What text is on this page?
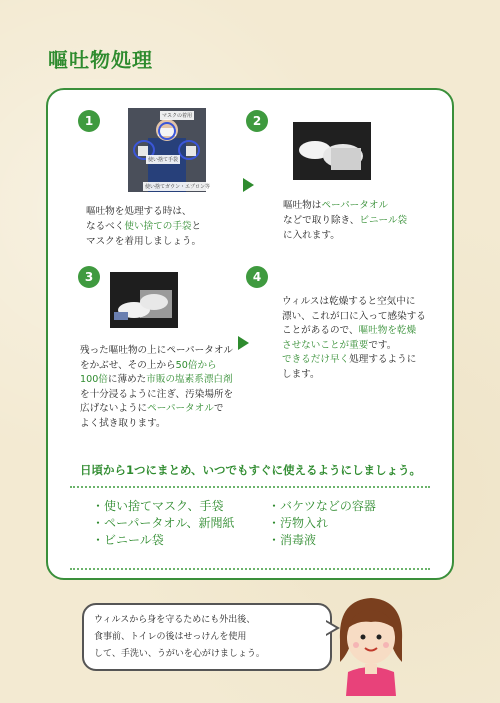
嘔吐物処理
1	マスクの着用
使い捨て手袋
使い捨てガウン・エプロン等
嘔吐物を処理する時は、
なるべく使い捨ての手袋と
マスクを着用しましょう。
2
嘔吐物はペーパータオル
などで取り除き、ビニール袋
に入れます。
3
残った嘔吐物の上にペーパータオル
をかぶせ、その上から50倍から
100倍に薄めた市販の塩素系漂白剤
を十分浸るように注ぎ、汚染場所を
広げないようにペーパータオルで
よく拭き取ります。
4
ウィルスは乾燥すると空気中に
漂い、これが口に入って感染する
ことがあるので、嘔吐物を乾燥
させないことが重要です。
できるだけ早く処理するように
します。
日頃から1つにまとめ、いつでもすぐに使えるようにしましょう。
・使い捨てマスク、手袋
・ペーパータオル、新聞紙
・ビニール袋
・バケツなどの容器
・汚物入れ
・消毒液
ウィルスから身を守るためにも外出後、
食事前、トイレの後はせっけんを使用
して、手洗い、うがいを心がけましょう。
